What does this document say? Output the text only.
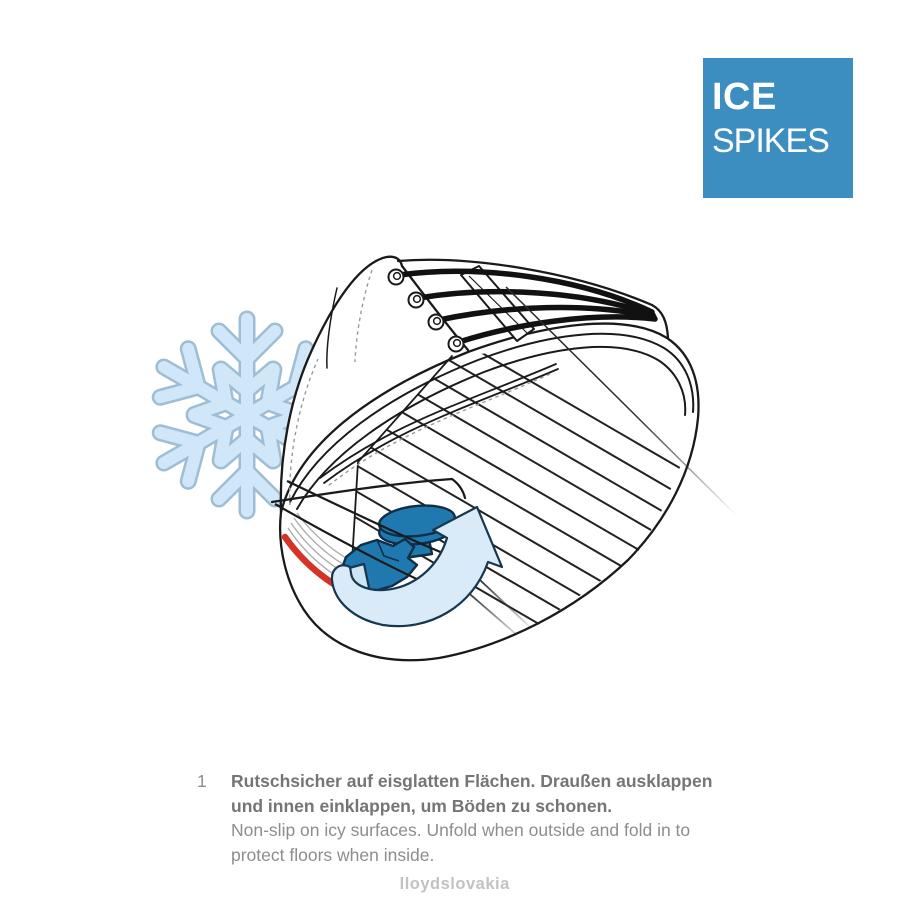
ICE
SPIKES
1	Rutschsicher auf eisglatten Flächen. Draußen ausklappen
und innen einklappen, um Böden zu schonen.
Non-slip on icy surfaces. Unfold when outside and fold in to
protect floors when inside.
lloydslovakia
